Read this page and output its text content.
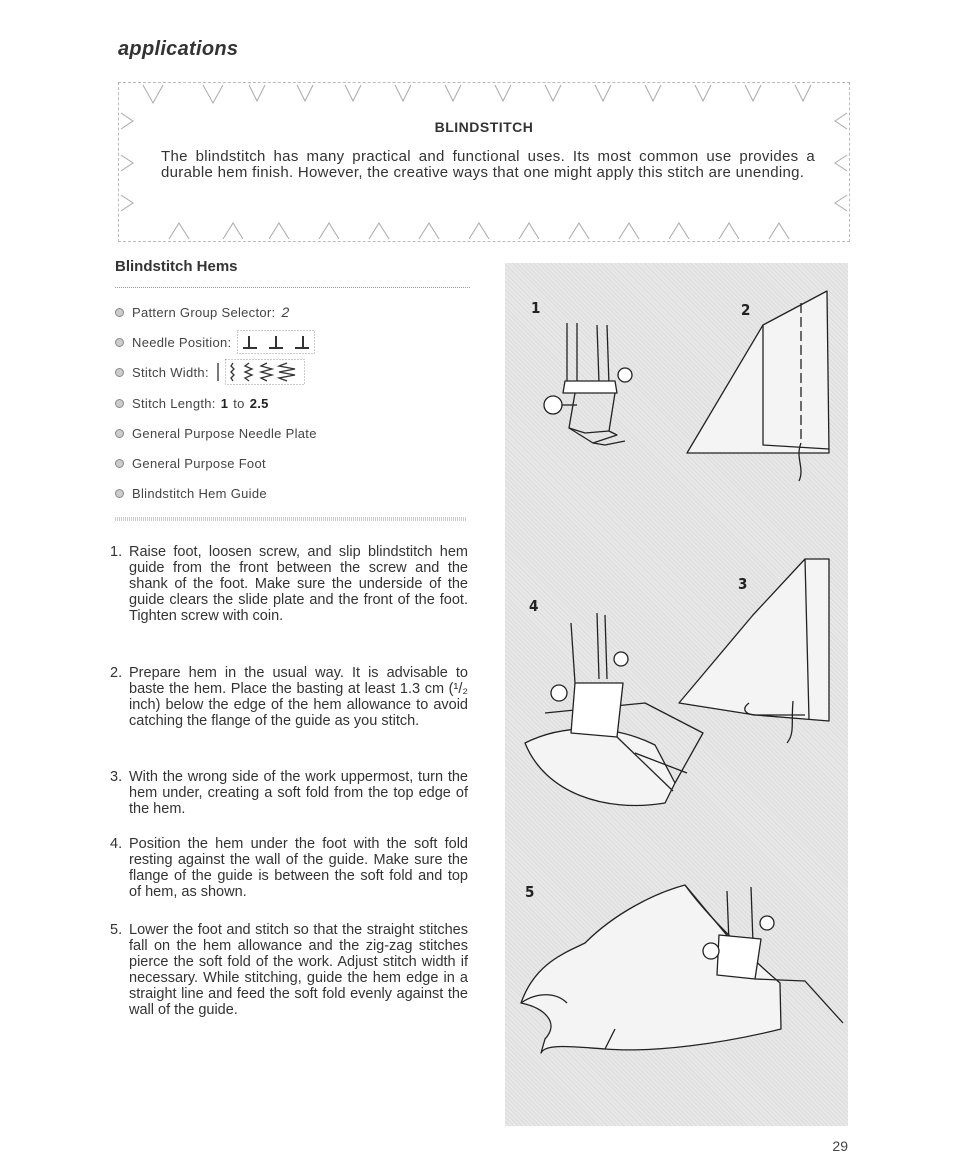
applications
BLINDSTITCH
The blindstitch has many practical and functional uses. Its most common use provides a durable hem finish. However, the creative ways that one might apply this stitch are unending.
Blindstitch Hems
Pattern Group Selector: 2
Needle Position:
Stitch Width:
Stitch Length: 1 to 2.5
General Purpose Needle Plate
General Purpose Foot
Blindstitch Hem Guide
1. Raise foot, loosen screw, and slip blindstitch hem guide from the front between the screw and the shank of the foot. Make sure the underside of the guide clears the slide plate and the front of the foot. Tighten screw with coin.
2. Prepare hem in the usual way. It is advisable to baste the hem. Place the basting at least 1.3 cm (¹/₂ inch) below the edge of the hem allowance to avoid catching the flange of the guide as you stitch.
3. With the wrong side of the work uppermost, turn the hem under, creating a soft fold from the top edge of the hem.
4. Position the hem under the foot with the soft fold resting against the wall of the guide. Make sure the flange of the guide is between the soft fold and top of hem, as shown.
5. Lower the foot and stitch so that the straight stitches fall on the hem allowance and the zig-zag stitches pierce the soft fold of the work. Adjust stitch width if necessary. While stitching, guide the hem edge in a straight line and feed the soft fold evenly against the wall of the guide.
1	2
3
4
5
29
